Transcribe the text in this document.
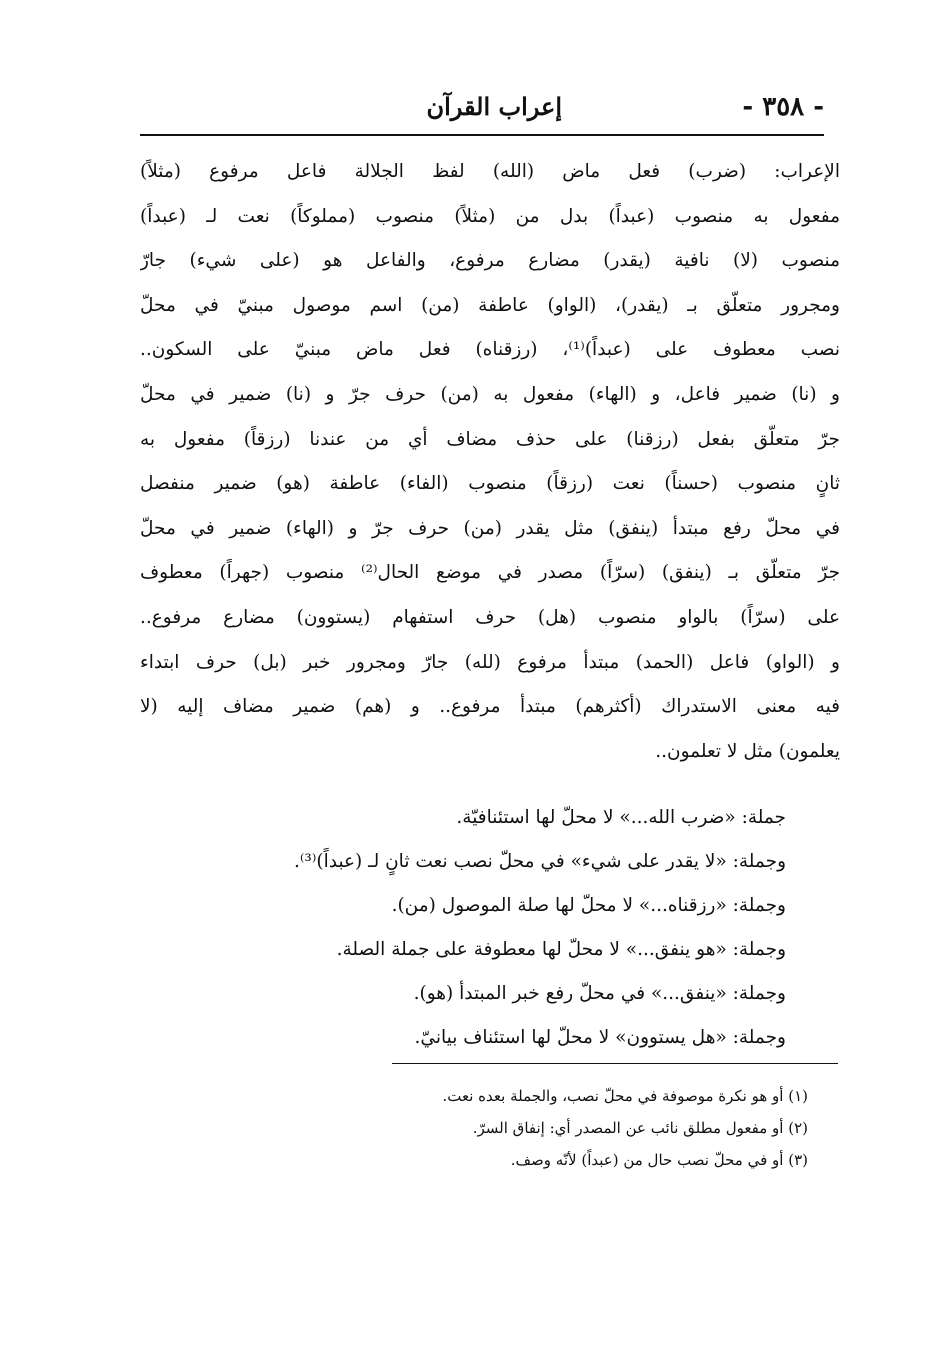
- ٣٥٨ -
إعراب القرآن
الإعراب: (ضرب) فعل ماض (الله) لفظ الجلالة فاعل مرفوع (مثلاً)
مفعول به منصوب (عبداً) بدل من (مثلاً) منصوب (مملوكاً) نعت لـ (عبداً)
منصوب (لا) نافية (يقدر) مضارع مرفوع، والفاعل هو (على شيء) جارّ
ومجرور متعلّق بـ (يقدر)، (الواو) عاطفة (من) اسم موصول مبنيّ في محلّ
نصب معطوف على (عبداً)⁽¹⁾، (رزقناه) فعل ماض مبنيّ على السكون..
و (نا) ضمير فاعل، و (الهاء) مفعول به (من) حرف جرّ و (نا) ضمير في محلّ
جرّ متعلّق بفعل (رزقنا) على حذف مضاف أي من عندنا (رزقاً) مفعول به
ثانٍ منصوب (حسناً) نعت (رزقاً) منصوب (الفاء) عاطفة (هو) ضمير منفصل
في محلّ رفع مبتدأ (ينفق) مثل يقدر (من) حرف جرّ و (الهاء) ضمير في محلّ
جرّ متعلّق بـ (ينفق) (سرّاً) مصدر في موضع الحال⁽²⁾ منصوب (جهراً) معطوف
على (سرّاً) بالواو منصوب (هل) حرف استفهام (يستوون) مضارع مرفوع..
و (الواو) فاعل (الحمد) مبتدأ مرفوع (لله) جارّ ومجرور خبر (بل) حرف ابتداء
فيه معنى الاستدراك (أكثرهم) مبتدأ مرفوع.. و (هم) ضمير مضاف إليه (لا
يعلمون) مثل لا تعلمون..
جملة: «ضرب الله...» لا محلّ لها استئنافيّة.
وجملة: «لا يقدر على شيء» في محلّ نصب نعت ثانٍ لـ (عبداً)⁽³⁾.
وجملة: «رزقناه...» لا محلّ لها صلة الموصول (من).
وجملة: «هو ينفق...» لا محلّ لها معطوفة على جملة الصلة.
وجملة: «ينفق...» في محلّ رفع خبر المبتدأ (هو).
وجملة: «هل يستوون» لا محلّ لها استئناف بيانيّ.
(١) أو هو نكرة موصوفة في محلّ نصب، والجملة بعده نعت.
(٢) أو مفعول مطلق نائب عن المصدر أي: إنفاق السرّ.
(٣) أو في محلّ نصب حال من (عبداً) لأنّه وصف.
